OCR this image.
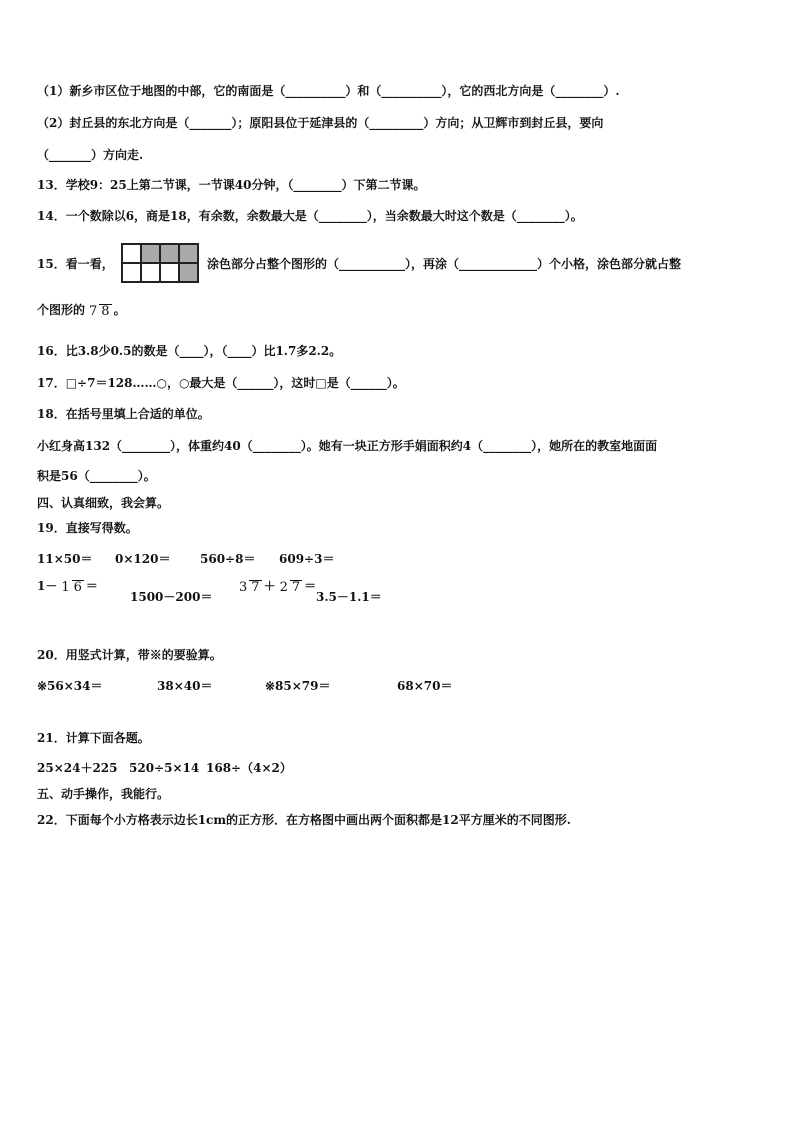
（1）新乡市区位于地图的中部，它的南面是（__________）和（__________），它的西北方向是（________）.
（2）封丘县的东北方向是（_______）；原阳县位于延津县的（_________）方向；从卫辉市到封丘县，要向
（_______）方向走.
13．学校9：25上第二节课，一节课40分钟，（________）下第二节课。
14．一个数除以6，商是18，有余数，余数最大是（________），当余数最大时这个数是（________）。
15．看一看，	涂色部分占整个图形的（___________），再涂（_____________）个小格，涂色部分就占整
个图形的 7 8 。
16．比3.8少0.5的数是（____），（____）比1.7多2.2。
17．□÷7＝128……○，○最大是（______），这时□是（______）。
18．在括号里填上合适的单位。
小红身高132（________），体重约40（________）。她有一块正方形手娟面积约4（________），她所在的教室地面面
积是56（________）。
四、认真细致，我会算。
19．直接写得数。
11×50＝ 0×120＝ 560÷8＝ 609÷3＝
1－ 1 6 ＝
1500－200＝
3 7 ＋ 2 7 ＝
3.5－1.1＝
20．用竖式计算，带※的要验算。
※56×34＝	38×40＝	※85×79＝	68×70＝
21．计算下面各题。
25×24＋225 520÷5×14 168÷（4×2）
五、动手操作，我能行。
22．下面每个小方格表示边长1cm的正方形．在方格图中画出两个面积都是12平方厘米的不同图形.
